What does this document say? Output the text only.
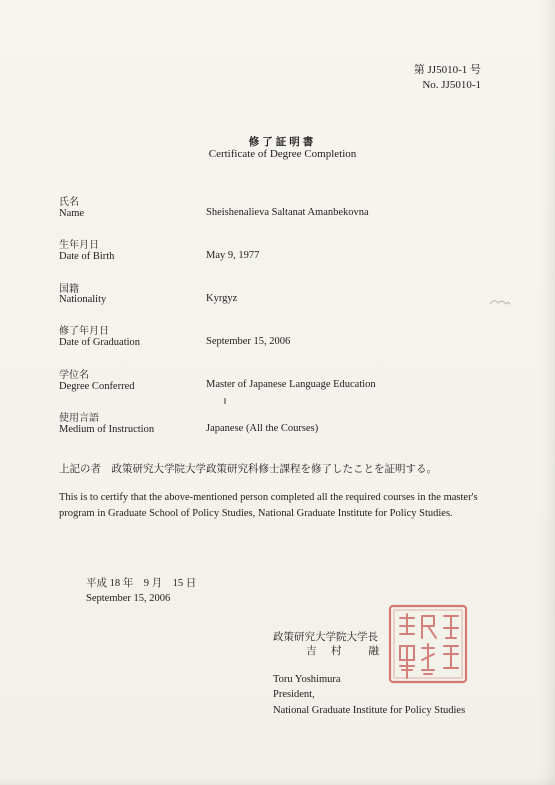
第 JJ5010-1 号
No. JJ5010-1
修了証明書
Certificate of Degree Completion
氏名
Name	Sheishenalieva Saltanat Amanbekovna
生年月日
Date of Birth	May 9, 1977
国籍
Nationality	Kyrgyz
修了年月日
Date of Graduation	September 15, 2006
学位名
Degree Conferred	Master of Japanese Language Education
使用言語
Medium of Instruction	Japanese (All the Courses)
上記の者　政策研究大学院大学政策研究科修士課程を修了したことを証明する。
This is to certify that the above-mentioned person completed all the required courses in the master's program in Graduate School of Policy Studies, National Graduate Institute for Policy Studies.
平成 18 年　9 月　15 日
September 15, 2006
政策研究大学院大学長
吉　村　　融
Toru Yoshimura
President,
National Graduate Institute for Policy Studies
